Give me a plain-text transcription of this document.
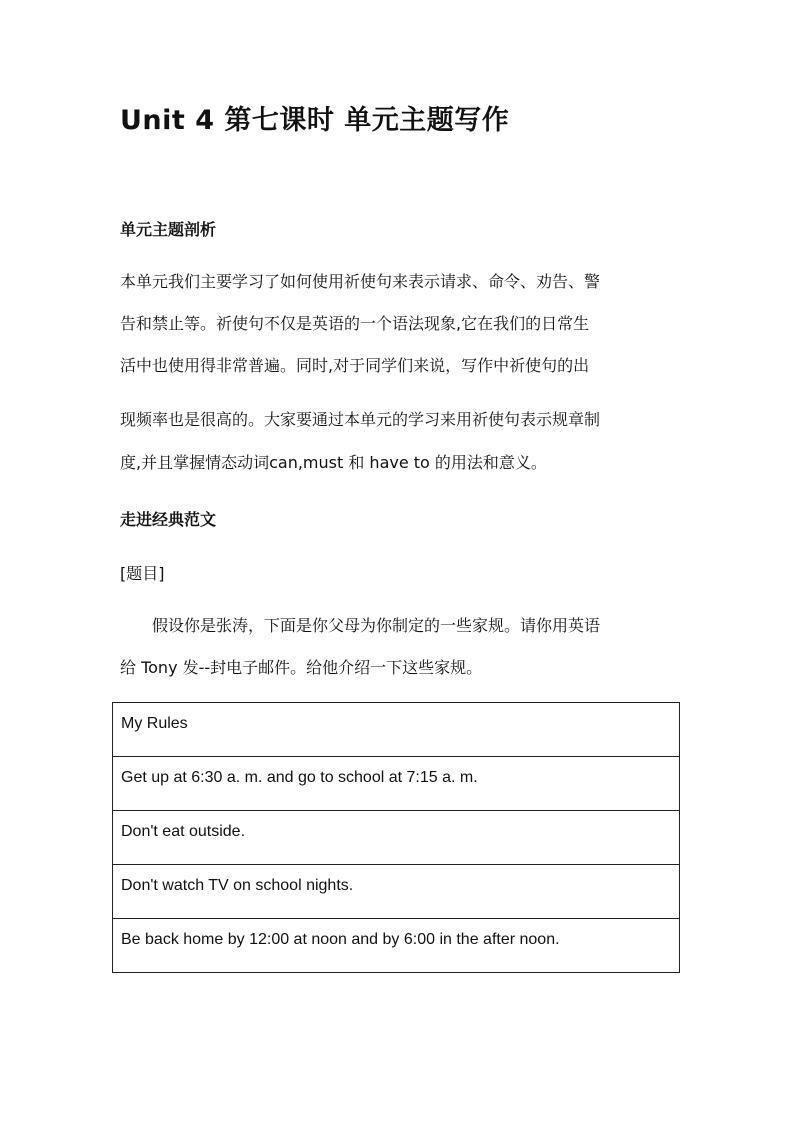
Unit 4 第七课时 单元主题写作
单元主题剖析
本单元我们主要学习了如何使用祈使句来表示请求、命令、劝告、警
告和禁止等。祈使句不仅是英语的一个语法现象,它在我们的日常生
活中也使用得非常普遍。同时,对于同学们来说，写作中祈使句的出
现频率也是很高的。大家要通过本单元的学习来用祈使句表示规章制
度,并且掌握情态动词can,must 和 have to 的用法和意义。
走进经典范文
[题目]
假设你是张涛，下面是你父母为你制定的一些家规。请你用英语
给 Tony 发--封电子邮件。给他介绍一下这些家规。
My Rules
Get up at 6:30 a. m. and go to school at 7:15 a. m.
Don't eat outside.
Don't watch TV on school nights.
Be back home by 12:00 at noon and by 6:00 in the after noon.
